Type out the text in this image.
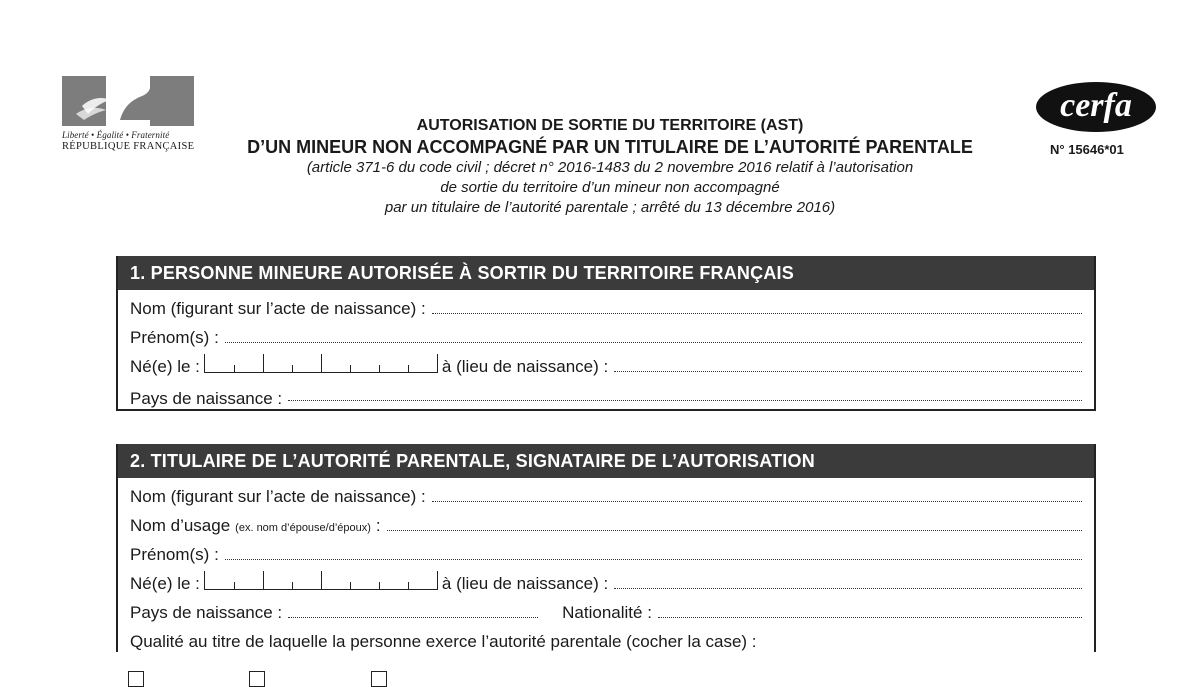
Liberté • Égalité • Fraternité
RÉPUBLIQUE FRANÇAISE
AUTORISATION DE SORTIE DU TERRITOIRE (AST)
D’UN MINEUR NON ACCOMPAGNÉ PAR UN TITULAIRE DE L’AUTORITÉ PARENTALE
(article 371-6 du code civil ; décret n° 2016-1483 du 2 novembre 2016 relatif à l’autorisation
de sortie du territoire d’un mineur non accompagné
par un titulaire de l’autorité parentale ; arrêté du 13 décembre 2016)
cerfa
N° 15646*01
1. PERSONNE MINEURE AUTORISÉE À SORTIR DU TERRITOIRE FRANÇAIS
Nom (figurant sur l’acte de naissance) :
Prénom(s) :
Né(e) le :	à (lieu de naissance) :
Pays de naissance :
2. TITULAIRE DE L’AUTORITÉ PARENTALE, SIGNATAIRE DE L’AUTORISATION
Nom (figurant sur l’acte de naissance) :
Nom d’usage (ex. nom d’épouse/d’époux) :
Prénom(s) :
Né(e) le :	à (lieu de naissance) :
Pays de naissance :	Nationalité :
Qualité au titre de laquelle la personne exerce l’autorité parentale (cocher la case) :
